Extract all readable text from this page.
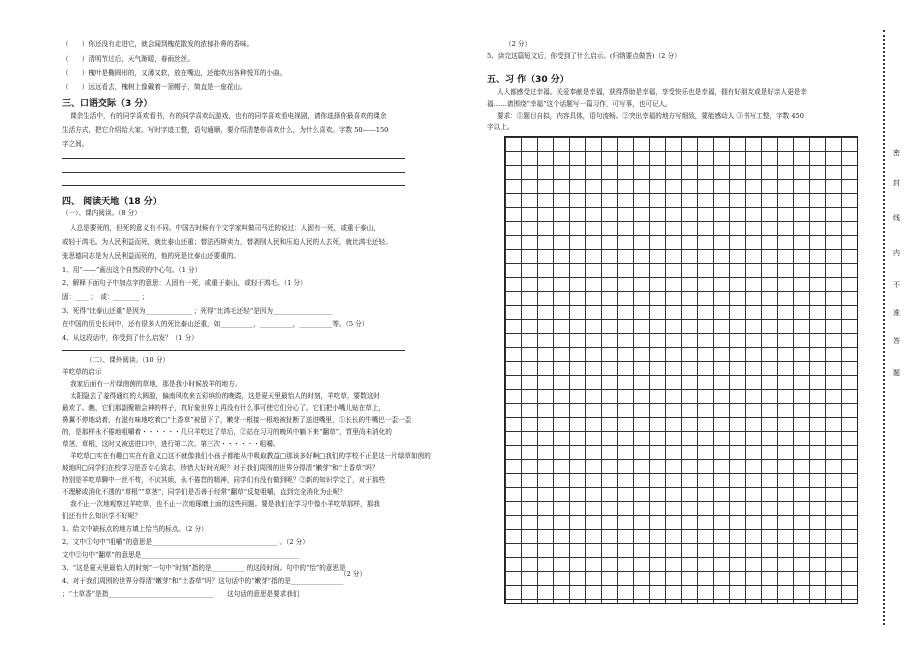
（　　）你还没有走进它，就会闻到槐花散发的浓郁扑鼻的香味。
（　　）清明节过后，天气渐暖，春雨丝丝。
（　　）槐叶是椭圆形的，又薄又软，放在嘴边，还能吹出各种悦耳的小曲。
（　　）远远看去，槐树上像戴着一顶帽子，简直是一座花山。
三、口语交际（3 分）
课余生活中，有的同学喜欢看书，有的同学喜欢玩游戏，也有的同学喜欢看电视剧，请你选择你最喜欢的课余
生活方式，把它介绍给大家。写时字迹工整，语句通顺，要介绍清楚你喜欢什么，为什么喜欢。字数 50——150
字之间。
四、 阅读天地（18 分）
（一）、课内阅读。（8 分）
人总是要死的，但死的意义有不同。中国古时候有个文学家叫做司马迁的说过：人固有一死，或重于泰山，
或轻于鸿毛。为人民利益而死，就比泰山还重；替法西斯卖力，替剥削人民和压迫人民的人去死，就比鸿毛还轻。
张思德同志是为人民利益而死的，他的死是比泰山还要重的。
1、用“——”画出这个自然段的中心句。（1 分）
2、解释下面句子中加点字的意思：人固有一死，或重于泰山，或轻于鸿毛。（1 分）
固：____ ；　或：________ ；
3、死得“比泰山还重”是因为______________ ；死得“比鸿毛还轻”是因为__________________
在中国的历史长河中，还有很多人的死比泰山还重，如__________，__________，__________等。（5 分）
4、从这段话中，你受到了什么启发？（1 分）
（二）、课外阅读。（10 分）
羊吃草的启示
我家后面有一片绿茵茵的草地，那是我小时候放羊的地方。
太阳隐去了羞得通红的大圆脸，偏南风吹来五彩缤纷的晚霞，这是夏天里最怡人的时刻，羊吃草，要数这时
最欢了。瞧，它们那副聚精会神的样子，真好象世界上再没有什么事可使它们分心了。它们把小嘴儿贴在草上，
鼻翼不停地动着，有滋有味地吃着□“土香草”被留下了，嫩芽一根接一根地被扯断了送进嘴里，①长长的牛嘴巴一歪一歪
的，是那样永不倦地咀嚼着・・・・・・几只羊吃过了草后，②站在习习的晚风中躺下来“翻草”，胃里尚未消化的
草茎、草根，这时又被送进口中，进行第二次、第三次・・・・・・咀嚼。
羊吃草□实在有趣□实在有意义□这不就像我们小孩子都能从中吸取教益□那该多好啊□我们的学校不正是这一片绿草如茵的
坡地吗□同学们在校学习是否专心致志，珍惜大好时光呢？对于我们周围的世界分得清“嫩芽”和“土香草”吗？
特别是羊吃草聊中一丝不苟，不厌其烦，永不倦怠的精神，同学们有没有做到呢？②新的知识学完了，对于那些
不理解或消化不透的“草根”“草茎”，同学们是否善于经常“翻草”反复咀嚼，直到完全消化为止呢？
我不止一次地观察过羊吃草，也不止一次地琢磨上面的这些问题。要是我们在学习中像小羊吃草那样，那我
们还有什么知识学不好呢？
1、给文中缺标点的地方填上恰当的标点。（2 分）
2、文中①句中“咀嚼”的意思是______________________________________ 。（2 分）
文中②句中“翻草”的意思是________________________________________________
3、“这是夏天里最怡人的时刻”一句中“时刻”指的是__________ 的这段时间。句中的“怡”的意思是
（2 分）
4、对于我们周围的世界分得清“嫩芽”和“土香草”吗？这句话中的“嫩芽”指的是________________
；“土草香”是指________________________________　　这句话的意思是要求我们
（2 分）
5、读完这篇短文后，你受到了什么启示。(归纳要点做答)（2 分）
五、习 作（30 分）
人人都感受过幸福。关爱奉献是幸福，获得帮助是幸福，享受快乐也是幸福，拥有好朋友或是好亲人更是幸
福……请围绕“幸福”这个话题写一篇习作，可写事，也可记人。
要求：①题目自拟，内容具体，语句流畅。②突出幸福的地方写细致，要能感动人 ③书写工整，字数 450
字以上。
密
封
线
内
不
准
答
题
